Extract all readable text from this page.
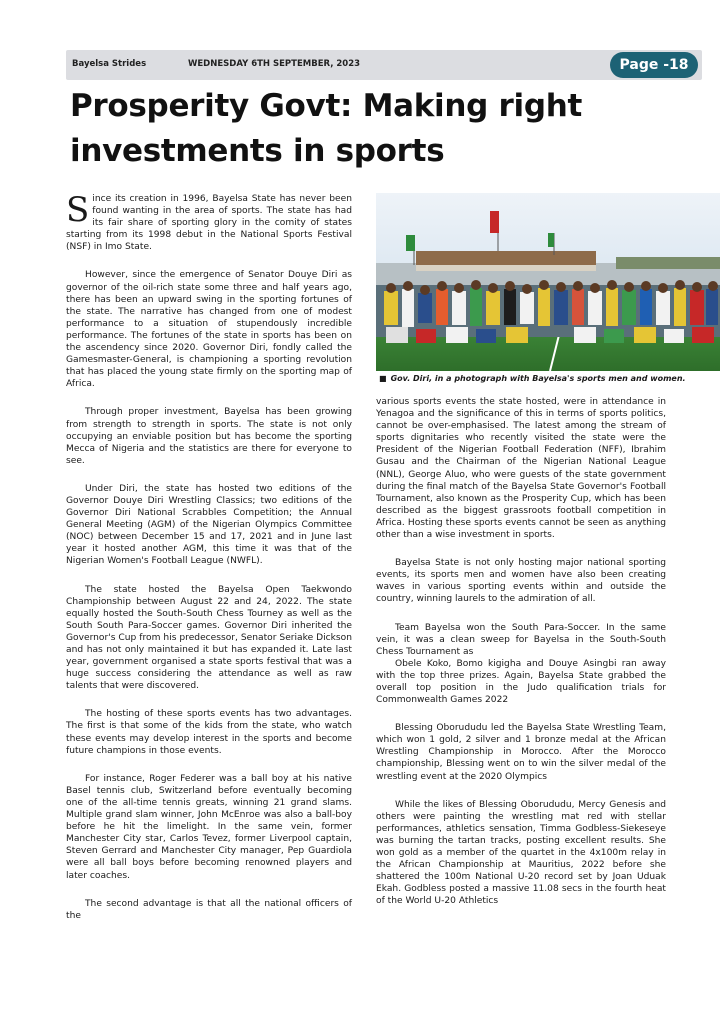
Bayelsa Strides	WEDNESDAY 6TH SEPTEMBER, 2023	Page -18
Prosperity Govt: Making right investments in sports

Since its creation in 1996, Bayelsa State has never been found wanting in the area of sports. The state has had its fair share of sporting glory in the comity of states starting from its 1998 debut in the National Sports Festival (NSF) in Imo State.

However, since the emergence of Senator Douye Diri as governor of the oil-rich state some three and half years ago, there has been an upward swing in the sporting fortunes of the state. The narrative has changed from one of modest performance to a situation of stupendously incredible performance. The fortunes of the state in sports has been on the ascendency since 2020. Governor Diri, fondly called the Gamesmaster-General, is championing a sporting revolution that has placed the young state firmly on the sporting map of Africa.

Through proper investment, Bayelsa has been growing from strength to strength in sports. The state is not only occupying an enviable position but has become the sporting Mecca of Nigeria and the statistics are there for everyone to see.

Under Diri, the state has hosted two editions of the Governor Douye Diri Wrestling Classics; two editions of the Governor Diri National Scrabbles Competition; the Annual General Meeting (AGM) of the Nigerian Olympics Committee (NOC) between December 15 and 17, 2021 and in June last year it hosted another AGM, this time it was that of the Nigerian Women's Football League (NWFL).

The state hosted the Bayelsa Open Taekwondo Championship between August 22 and 24, 2022. The state equally hosted the South-South Chess Tourney as well as the South South Para-Soccer games. Governor Diri inherited the Governor's Cup from his predecessor, Senator Seriake Dickson and has not only maintained it but has expanded it. Late last year, government organised a state sports festival that was a huge success considering the attendance as well as raw talents that were discovered.

The hosting of these sports events has two advantages. The first is that some of the kids from the state, who watch these events may develop interest in the sports and become future champions in those events.

For instance, Roger Federer was a ball boy at his native Basel tennis club, Switzerland before eventually becoming one of the all-time tennis greats, winning 21 grand slams. Multiple grand slam winner, John McEnroe was also a ball-boy before he hit the limelight. In the same vein, former Manchester City star, Carlos Tevez, former Liverpool captain, Steven Gerrard and Manchester City manager, Pep Guardiola were all ball boys before becoming renowned players and later coaches.

The second advantage is that all the national officers of the

■ Gov. Diri, in a photograph with Bayelsa's sports men and women.

various sports events the state hosted, were in attendance in Yenagoa and the significance of this in terms of sports politics, cannot be over-emphasised. The latest among the stream of sports dignitaries who recently visited the state were the President of the Nigerian Football Federation (NFF), Ibrahim Gusau and the Chairman of the Nigerian National League (NNL), George Aluo, who were guests of the state government during the final match of the Bayelsa State Governor's Football Tournament, also known as the Prosperity Cup, which has been described as the biggest grassroots football competition in Africa. Hosting these sports events cannot be seen as anything other than a wise investment in sports.

Bayelsa State is not only hosting major national sporting events, its sports men and women have also been creating waves in various sporting events within and outside the country, winning laurels to the admiration of all.

Team Bayelsa won the South Para-Soccer. In the same vein, it was a clean sweep for Bayelsa in the South-South Chess Tournament as

Obele Koko, Bomo kigigha and Douye Asingbi ran away with the top three prizes. Again, Bayelsa State grabbed the overall top position in the Judo qualification trials for Commonwealth Games 2022

Blessing Oborududu led the Bayelsa State Wrestling Team, which won 1 gold, 2 silver and 1 bronze medal at the African Wrestling Championship in Morocco. After the Morocco championship, Blessing went on to win the silver medal of the wrestling event at the 2020 Olympics

While the likes of Blessing Oborududu, Mercy Genesis and others were painting the wrestling mat red with stellar performances, athletics sensation, Timma Godbless-Siekeseye was burning the tartan tracks, posting excellent results. She won gold as a member of the quartet in the 4x100m relay in the African Championship at Mauritius, 2022 before she shattered the 100m National U-20 record set by Joan Uduak Ekah. Godbless posted a massive 11.08 secs in the fourth heat of the World U-20 Athletics
